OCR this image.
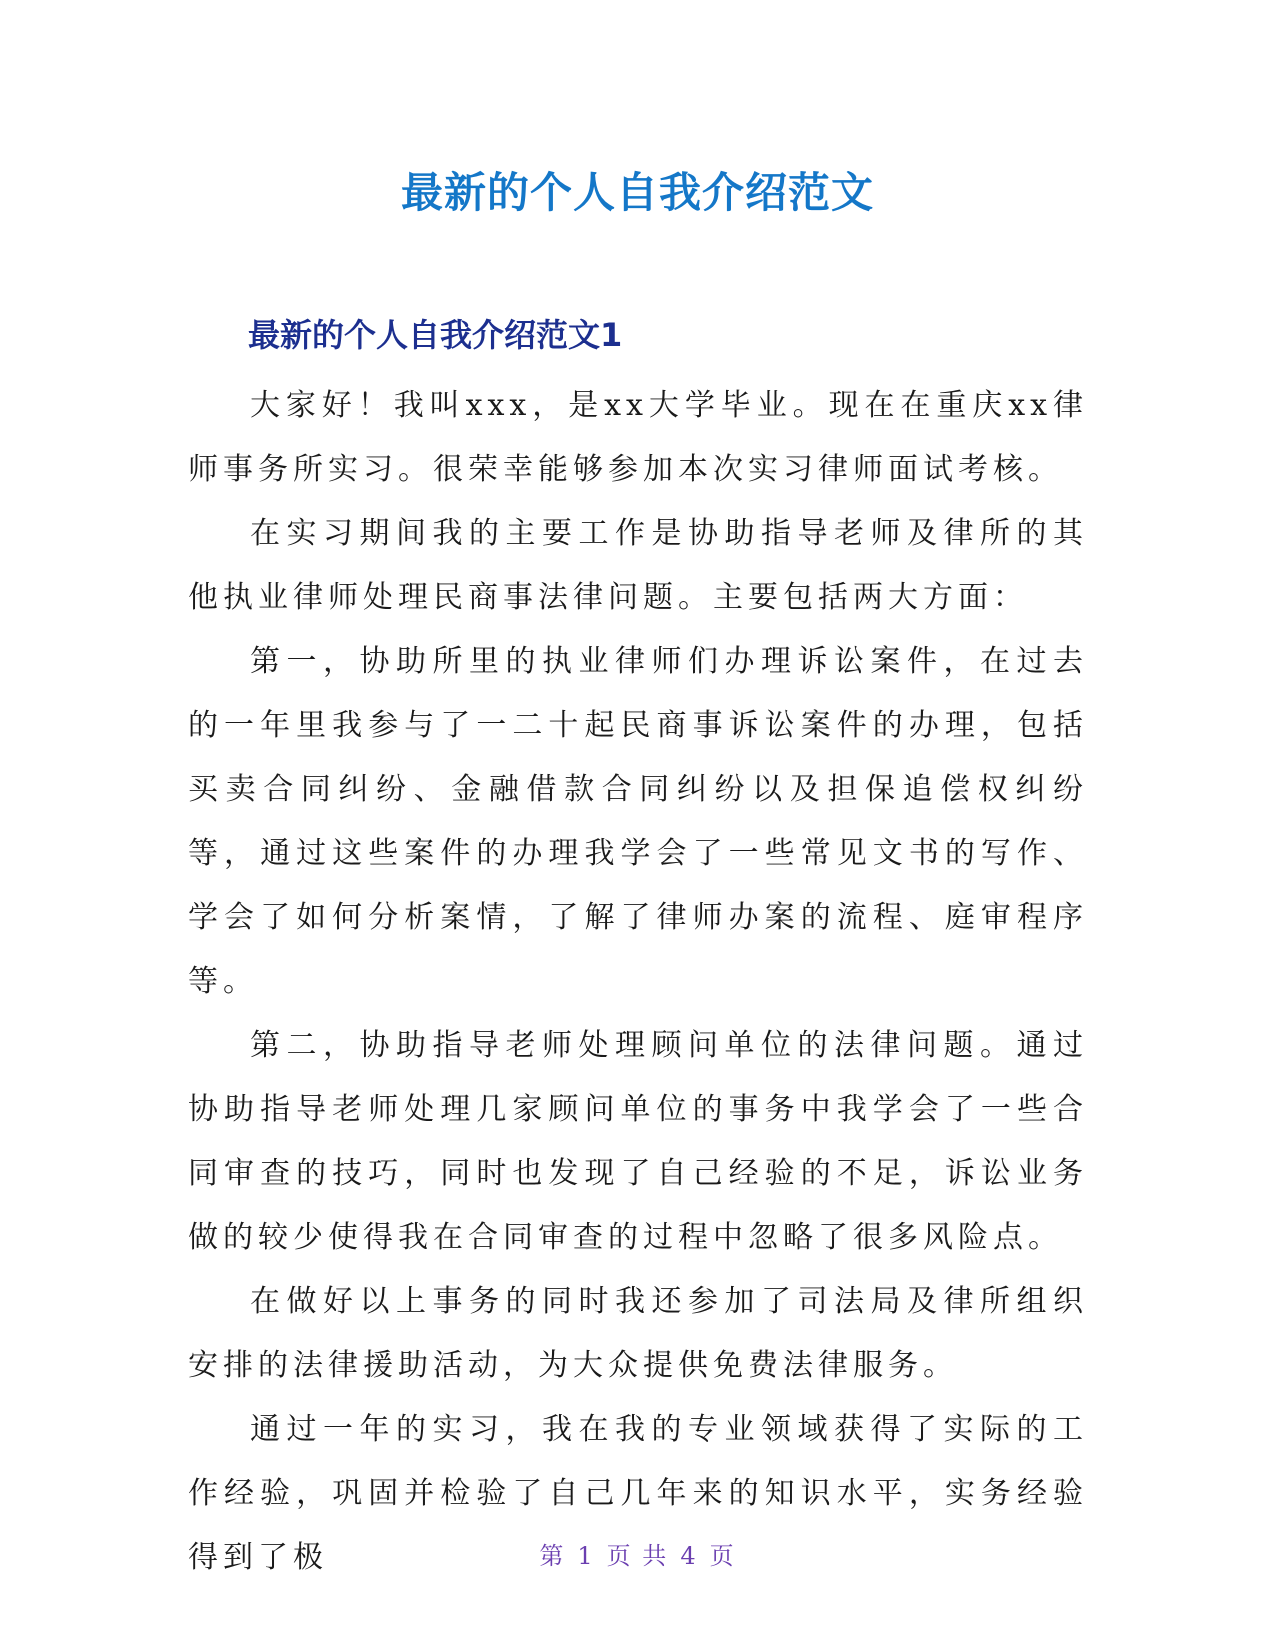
最新的个人自我介绍范文
最新的个人自我介绍范文1

大家好！我叫xxx，是xx大学毕业。现在在重庆xx律师事务所实习。很荣幸能够参加本次实习律师面试考核。

在实习期间我的主要工作是协助指导老师及律所的其他执业律师处理民商事法律问题。主要包括两大方面：

第一，协助所里的执业律师们办理诉讼案件，在过去的一年里我参与了一二十起民商事诉讼案件的办理，包括买卖合同纠纷、金融借款合同纠纷以及担保追偿权纠纷等，通过这些案件的办理我学会了一些常见文书的写作、学会了如何分析案情，了解了律师办案的流程、庭审程序等。

第二，协助指导老师处理顾问单位的法律问题。通过协助指导老师处理几家顾问单位的事务中我学会了一些合同审查的技巧，同时也发现了自己经验的不足，诉讼业务做的较少使得我在合同审查的过程中忽略了很多风险点。

在做好以上事务的同时我还参加了司法局及律所组织安排的法律援助活动，为大众提供免费法律服务。

通过一年的实习，我在我的专业领域获得了实际的工作经验，巩固并检验了自己几年来的知识水平，实务经验得到了极	第 1 页 共 4 页
